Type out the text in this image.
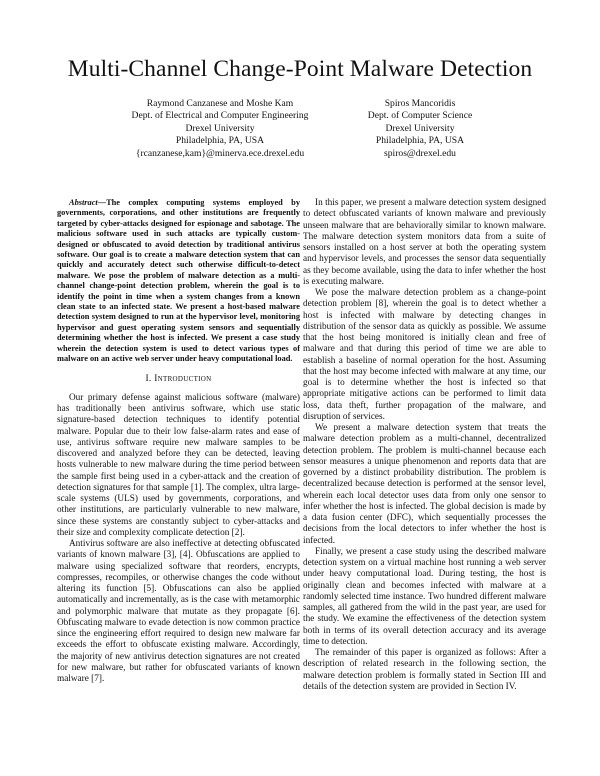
Multi-Channel Change-Point Malware Detection
Raymond Canzanese and Moshe Kam
Dept. of Electrical and Computer Engineering
Drexel University
Philadelphia, PA, USA
{rcanzanese,kam}@minerva.ece.drexel.edu
Spiros Mancoridis
Dept. of Computer Science
Drexel University
Philadelphia, PA, USA
spiros@drexel.edu

Abstract—The complex computing systems employed by governments, corporations, and other institutions are frequently targeted by cyber-attacks designed for espionage and sabotage. The malicious software used in such attacks are typically custom-designed or obfuscated to avoid detection by traditional antivirus software. Our goal is to create a malware detection system that can quickly and accurately detect such otherwise difficult-to-detect malware. We pose the problem of malware detection as a multi-channel change-point detection problem, wherein the goal is to identify the point in time when a system changes from a known clean state to an infected state. We present a host-based malware detection system designed to run at the hypervisor level, monitoring hypervisor and guest operating system sensors and sequentially determining whether the host is infected. We present a case study wherein the detection system is used to detect various types of malware on an active web server under heavy computational load.

I. Introduction

Our primary defense against malicious software (malware) has traditionally been antivirus software, which use static signature-based detection techniques to identify potential malware. Popular due to their low false-alarm rates and ease of use, antivirus software require new malware samples to be discovered and analyzed before they can be detected, leaving hosts vulnerable to new malware during the time period between the sample first being used in a cyber-attack and the creation of detection signatures for that sample [1]. The complex, ultra large-scale systems (ULS) used by governments, corporations, and other institutions, are particularly vulnerable to new malware, since these systems are constantly subject to cyber-attacks and their size and complexity complicate detection [2].

Antivirus software are also ineffective at detecting obfuscated variants of known malware [3], [4]. Obfuscations are applied to malware using specialized software that reorders, encrypts, compresses, recompiles, or otherwise changes the code without altering its function [5]. Obfuscations can also be applied automatically and incrementally, as is the case with metamorphic and polymorphic malware that mutate as they propagate [6]. Obfuscating malware to evade detection is now common practice since the engineering effort required to design new malware far exceeds the effort to obfuscate existing malware. Accordingly, the majority of new antivirus detection signatures are not created for new malware, but rather for obfuscated variants of known malware [7].

In this paper, we present a malware detection system designed to detect obfuscated variants of known malware and previously unseen malware that are behaviorally similar to known malware. The malware detection system monitors data from a suite of sensors installed on a host server at both the operating system and hypervisor levels, and processes the sensor data sequentially as they become available, using the data to infer whether the host is executing malware.

We pose the malware detection problem as a change-point detection problem [8], wherein the goal is to detect whether a host is infected with malware by detecting changes in distribution of the sensor data as quickly as possible. We assume that the host being monitored is initially clean and free of malware and that during this period of time we are able to establish a baseline of normal operation for the host. Assuming that the host may become infected with malware at any time, our goal is to determine whether the host is infected so that appropriate mitigative actions can be performed to limit data loss, data theft, further propagation of the malware, and disruption of services.

We present a malware detection system that treats the malware detection problem as a multi-channel, decentralized detection problem. The problem is multi-channel because each sensor measures a unique phenomenon and reports data that are governed by a distinct probability distribution. The problem is decentralized because detection is performed at the sensor level, wherein each local detector uses data from only one sensor to infer whether the host is infected. The global decision is made by a data fusion center (DFC), which sequentially processes the decisions from the local detectors to infer whether the host is infected.

Finally, we present a case study using the described malware detection system on a virtual machine host running a web server under heavy computational load. During testing, the host is originally clean and becomes infected with malware at a randomly selected time instance. Two hundred different malware samples, all gathered from the wild in the past year, are used for the study. We examine the effectiveness of the detection system both in terms of its overall detection accuracy and its average time to detection.

The remainder of this paper is organized as follows: After a description of related research in the following section, the malware detection problem is formally stated in Section III and details of the detection system are provided in Section IV.
